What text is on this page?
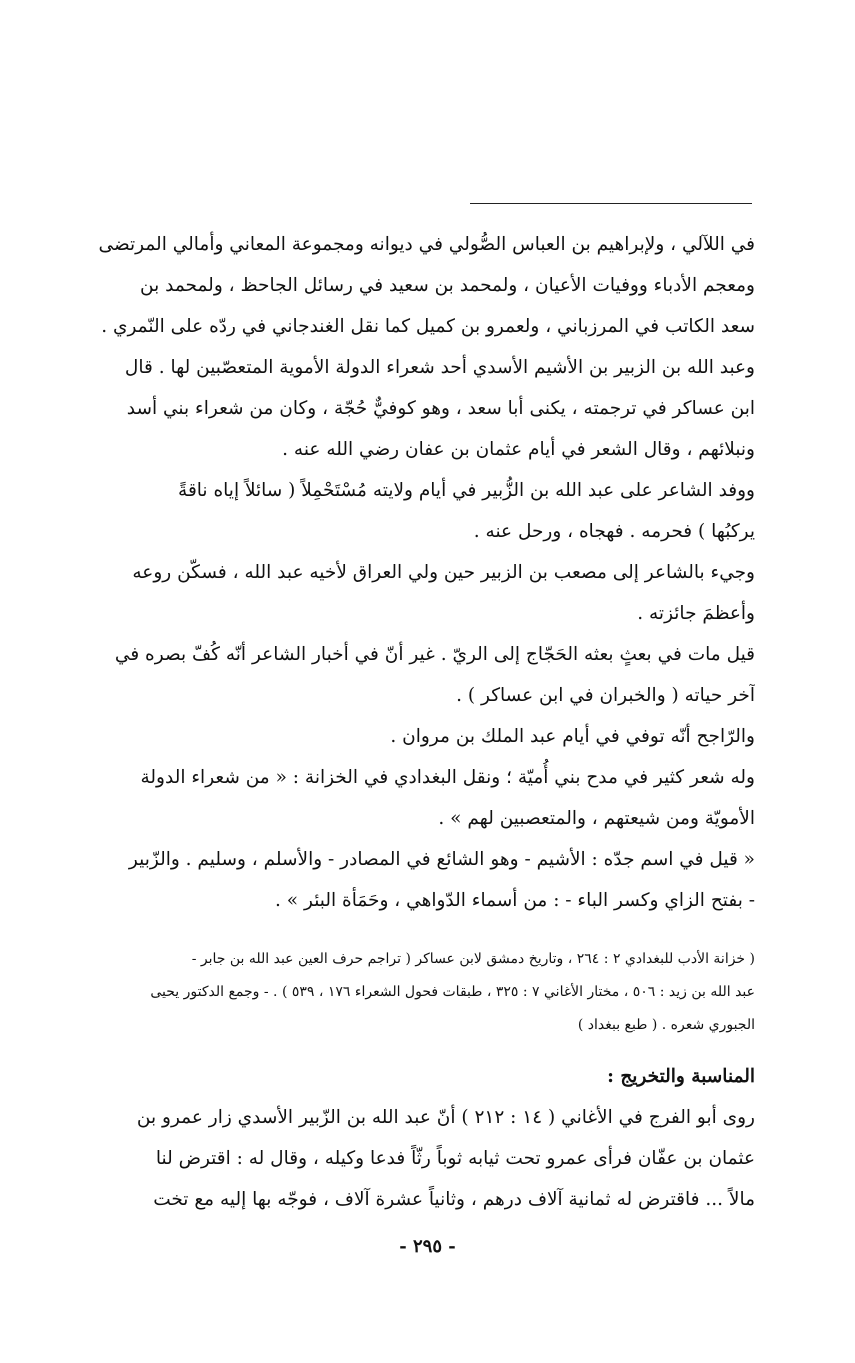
في اللآلي ، ولإبراهيم بن العباس الصُّولي في ديوانه ومجموعة المعاني وأمالي المرتضى

ومعجم الأدباء ووفيات الأعيان ، ولمحمد بن سعيد في رسائل الجاحظ ، ولمحمد بن

سعد الكاتب في المرزباني ، ولعمرو بن كميل كما نقل الغندجاني في ردّه على النّمري .

وعبد الله بن الزبير بن الأشيم الأسدي أحد شعراء الدولة الأموية المتعصّبين لها . قال

ابن عساكر في ترجمته ، يكنى أبا سعد ، وهو كوفيٌّ حُجّة ، وكان من شعراء بني أسد

ونبلائهم ، وقال الشعر في أيام عثمان بن عفان رضي الله عنه .

ووفد الشاعر على عبد الله بن الزُّبير في أيام ولايته مُسْتَحْمِلاً ( سائلاً إياه ناقةً

يركبُها ) فحرمه . فهجاه ، ورحل عنه .

وجيء بالشاعر إلى مصعب بن الزبير حين ولي العراق لأخيه عبد الله ، فسكّن روعه

وأعظمَ جائزته .

قيل مات في بعثٍ بعثه الحَجّاج إلى الريّ . غير أنّ في أخبار الشاعر أنّه كُفّ بصره في

آخر حياته ( والخبران في ابن عساكر ) .

والرّاجح أنّه توفي في أيام عبد الملك بن مروان .

وله شعر كثير في مدح بني أُميّة ؛ ونقل البغدادي في الخزانة : « من شعراء الدولة

الأمويّة ومن شيعتهم ، والمتعصبين لهم » .

« قيل في اسم جدّه : الأشيم - وهو الشائع في المصادر - والأسلم ، وسليم . والزّبير

- بفتح الزاي وكسر الباء - : من أسماء الدّواهي ، وحَمَأة البئر » .

( خزانة الأدب للبغدادي ٢ : ٢٦٤ ، وتاريخ دمشق لابن عساكر ( تراجم حرف العين عبد الله بن جابر -

عبد الله بن زيد : ٥٠٦ ، مختار الأغاني ٧ : ٣٢٥ ، طبقات فحول الشعراء ١٧٦ ، ٥٣٩ ) . - وجمع الدكتور يحيى

الجبوري شعره . ( طبع ببغداد )

المناسبة والتخريج :

روى أبو الفرج في الأغاني ( ١٤ : ٢١٢ ) أنّ عبد الله بن الزّبير الأسدي زار عمرو بن

عثمان بن عفّان فرأى عمرو تحت ثيابه ثوباً رثّاً فدعا وكيله ، وقال له : اقترض لنا

مالاً ... فاقترض له ثمانية آلاف درهم ، وثانياً عشرة آلاف ، فوجّه بها إليه مع تخت

- ٢٩٥ -
